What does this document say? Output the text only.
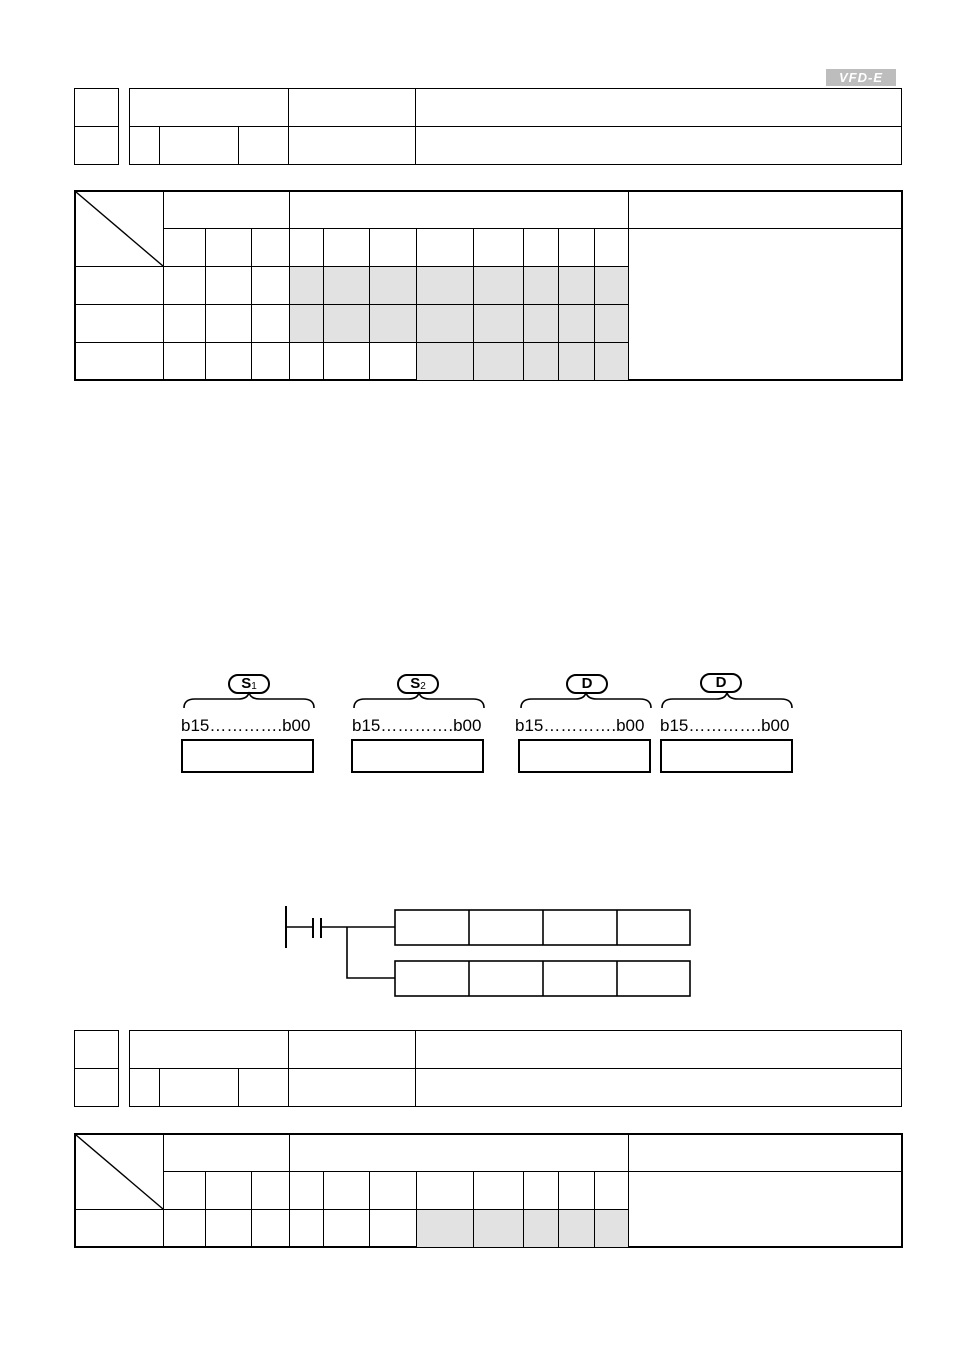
VFD-E
$S_1$	$S_2$	D	D
b15………….b00 b15………….b00 b15………….b00 b15………….b00
